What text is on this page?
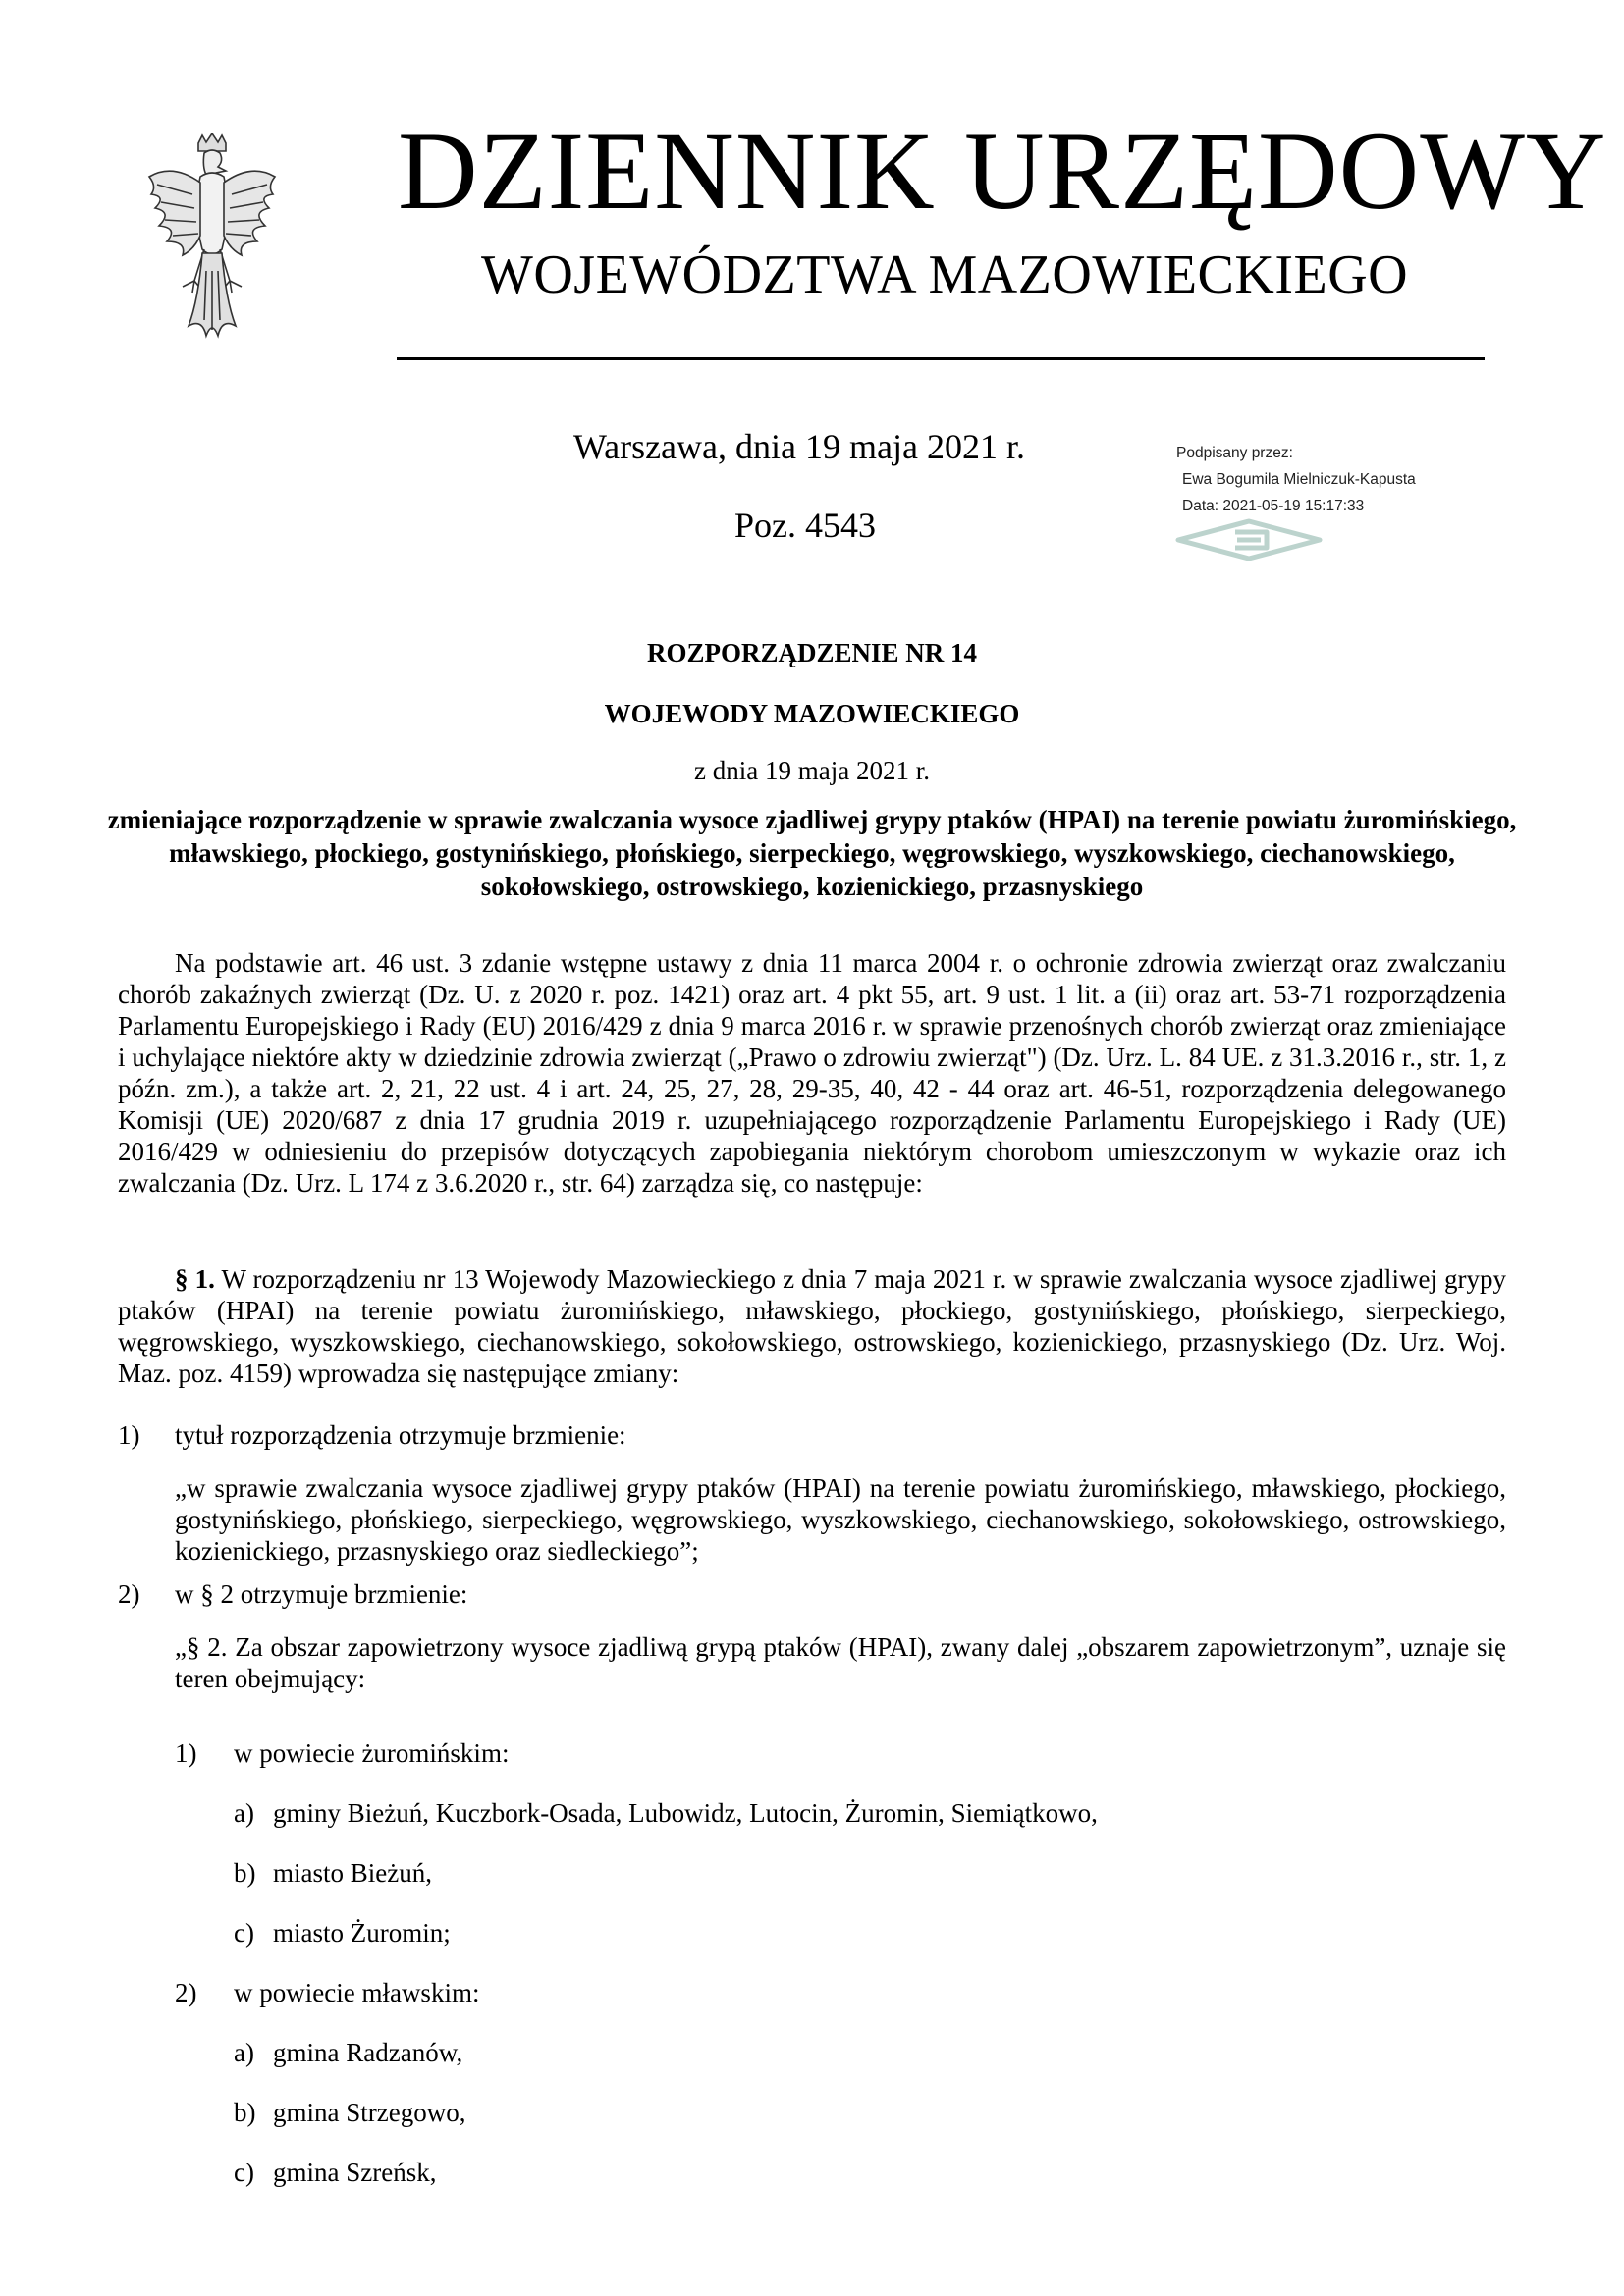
DZIENNIK URZĘDOWY
WOJEWÓDZTWA MAZOWIECKIEGO
Warszawa, dnia 19 maja 2021 r.
Poz. 4543
Podpisany przez:
Ewa Bogumila Mielniczuk-Kapusta
Data: 2021-05-19 15:17:33
ROZPORZĄDZENIE NR 14
WOJEWODY MAZOWIECKIEGO
z dnia 19 maja 2021 r.
zmieniające rozporządzenie w sprawie zwalczania wysoce zjadliwej grypy ptaków (HPAI) na terenie powiatu żuromińskiego, mławskiego, płockiego, gostynińskiego, płońskiego, sierpeckiego, węgrowskiego, wyszkowskiego, ciechanowskiego, sokołowskiego, ostrowskiego, kozienickiego, przasnyskiego
Na podstawie art. 46 ust. 3 zdanie wstępne ustawy z dnia 11 marca 2004 r. o ochronie zdrowia zwierząt oraz zwalczaniu chorób zakaźnych zwierząt (Dz. U. z 2020 r. poz. 1421) oraz art. 4 pkt 55, art. 9 ust. 1 lit. a (ii) oraz art. 53-71 rozporządzenia Parlamentu Europejskiego i Rady (EU) 2016/429 z dnia 9 marca 2016 r. w sprawie przenośnych chorób zwierząt oraz zmieniające i uchylające niektóre akty w dziedzinie zdrowia zwierząt („Prawo o zdrowiu zwierząt") (Dz. Urz. L. 84 UE. z 31.3.2016 r., str. 1, z późn. zm.), a także art. 2, 21, 22 ust. 4 i art. 24, 25, 27, 28, 29-35, 40, 42 - 44 oraz art. 46-51, rozporządzenia delegowanego Komisji (UE) 2020/687 z dnia 17 grudnia 2019 r. uzupełniającego rozporządzenie Parlamentu Europejskiego i Rady (UE) 2016/429 w odniesieniu do przepisów dotyczących zapobiegania niektórym chorobom umieszczonym w wykazie oraz ich zwalczania (Dz. Urz. L 174 z 3.6.2020 r., str. 64) zarządza się, co następuje:
§ 1. W rozporządzeniu nr 13 Wojewody Mazowieckiego z dnia 7 maja 2021 r. w sprawie zwalczania wysoce zjadliwej grypy ptaków (HPAI) na terenie powiatu żuromińskiego, mławskiego, płockiego, gostynińskiego, płońskiego, sierpeckiego, węgrowskiego, wyszkowskiego, ciechanowskiego, sokołowskiego, ostrowskiego, kozienickiego, przasnyskiego (Dz. Urz. Woj. Maz. poz. 4159) wprowadza się następujące zmiany:
1) tytuł rozporządzenia otrzymuje brzmienie:
„w sprawie zwalczania wysoce zjadliwej grypy ptaków (HPAI) na terenie powiatu żuromińskiego, mławskiego, płockiego, gostynińskiego, płońskiego, sierpeckiego, węgrowskiego, wyszkowskiego, ciechanowskiego, sokołowskiego, ostrowskiego, kozienickiego, przasnyskiego oraz siedleckiego”;
2) w § 2 otrzymuje brzmienie:
„§ 2. Za obszar zapowietrzony wysoce zjadliwą grypą ptaków (HPAI), zwany dalej „obszarem zapowietrzonym”, uznaje się teren obejmujący:
1) w powiecie żuromińskim:
a) gminy Bieżuń, Kuczbork-Osada, Lubowidz, Lutocin, Żuromin, Siemiątkowo,
b) miasto Bieżuń,
c) miasto Żuromin;
2) w powiecie mławskim:
a) gmina Radzanów,
b) gmina Strzegowo,
c) gmina Szreńsk,
